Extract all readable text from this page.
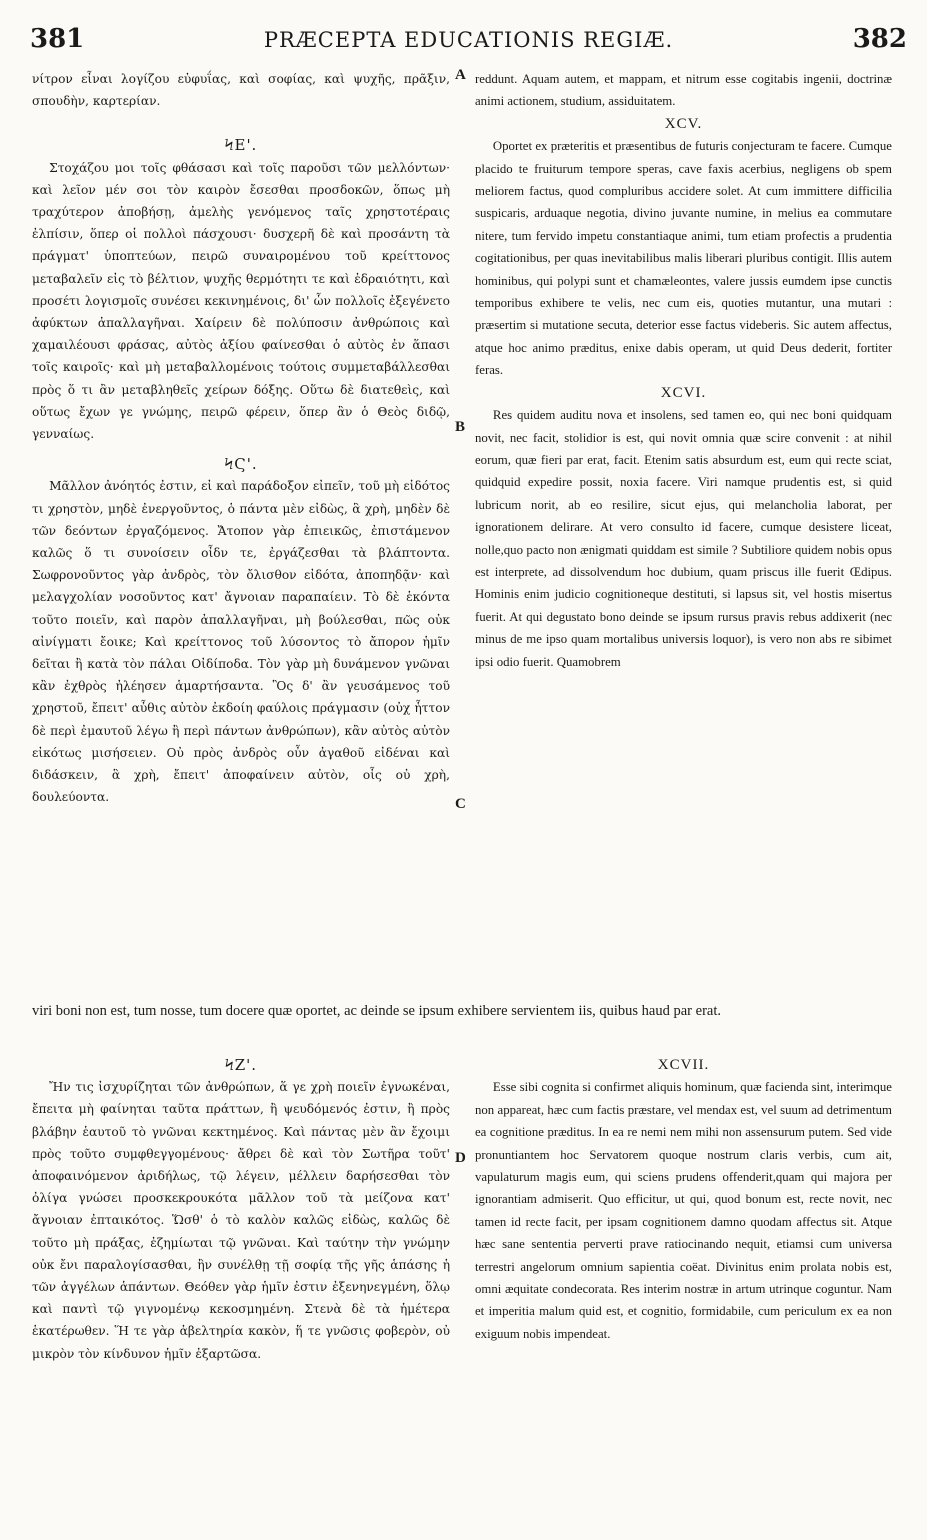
381	PRÆCEPTA EDUCATIONIS REGIÆ.	382
A
B
C
D

νίτρον εἶναι λογίζου εὐφυΐας, καὶ σοφίας, καὶ ψυχῆς, πρᾶξιν, σπουδὴν, καρτερίαν.

ϞΕ'.

Στοχάζου μοι τοῖς φθάσασι καὶ τοῖς παροῦσι τῶν μελλόντων· καὶ λεῖον μέν σοι τὸν καιρὸν ἔσεσθαι προσδοκῶν, ὅπως μὴ τραχύτερον ἀποβήσῃ, ἀμελὴς γενόμενος ταῖς χρηστοτέραις ἐλπίσιν, ὅπερ οἱ πολλοὶ πάσχουσι· δυσχερῆ δὲ καὶ προσάντη τὰ πράγματ' ὑποπτεύων, πειρῶ συναιρομένου τοῦ κρείττονος μεταβαλεῖν εἰς τὸ βέλτιον, ψυχῆς θερμότητι τε καὶ ἑδραιότητι, καὶ προσέτι λογισμοῖς συνέσει κεκινημένοις, δι' ὧν πολλοῖς ἐξεγένετο ἀφύκτων ἀπαλλαγῆναι. Χαίρειν δὲ πολύποσιν ἀνθρώποις καὶ χαμαιλέουσι φράσας, αὐτὸς ἀξίου φαίνεσθαι ὁ αὐτὸς ἐν ἅπασι τοῖς καιροῖς· καὶ μὴ μεταβαλλομένοις τούτοις συμμεταβάλλεσθαι πρὸς ὅ τι ἂν μεταβληθεῖς χείρων δόξης. Οὕτω δὲ διατεθεὶς, καὶ οὕτως ἔχων γε γνώμης, πειρῶ φέρειν, ὅπερ ἂν ὁ Θεὸς διδῷ, γενναίως.

ϞϚ'.

Μᾶλλον ἀνόητός ἐστιν, εἰ καὶ παράδοξον εἰπεῖν, τοῦ μὴ εἰδότος τι χρηστὸν, μηδὲ ἐνεργοῦντος, ὁ πάντα μὲν εἰδὼς, ἃ χρὴ, μηδὲν δὲ τῶν δεόντων ἐργαζόμενος. Ἄτοπον γὰρ ἐπιεικῶς, ἐπιστάμενον καλῶς ὅ τι συνοίσειν οἶδν τε, ἐργάζεσθαι τὰ βλάπτοντα. Σωφρονοῦντος γὰρ ἀνδρὸς, τὸν ὄλισθον εἰδότα, ἀποπηδᾷν· καὶ μελαγχολίαν νοσοῦντος κατ' ἄγνοιαν παραπαίειν. Τὸ δὲ ἑκόντα τοῦτο ποιεῖν, καὶ παρὸν ἀπαλλαγῆναι, μὴ βούλεσθαι, πῶς οὐκ αἰνίγματι ἔοικε; Καὶ κρείττονος τοῦ λύσοντος τὸ ἄπορον ἡμῖν δεῖται ἢ κατὰ τὸν πάλαι Οἰδίποδα. Τὸν γὰρ μὴ δυνάμενον γνῶναι κἂν ἐχθρὸς ἠλέησεν ἁμαρτήσαντα. Ὃς δ' ἂν γευσάμενος τοῦ χρηστοῦ, ἔπειτ' αὖθις αὐτὸν ἐκδοίη φαύλοις πράγμασιν (οὐχ ἧττον δὲ περὶ ἐμαυτοῦ λέγω ἢ περὶ πάντων ἀνθρώπων), κἂν αὐτὸς αὐτὸν εἰκότως μισήσειεν. Οὐ πρὸς ἀνδρὸς οὖν ἀγαθοῦ εἰδέναι καὶ διδάσκειν, ἃ χρὴ, ἔπειτ' ἀποφαίνειν αὐτὸν, οἷς οὐ χρὴ, δουλεύοντα.

reddunt. Aquam autem, et mappam, et nitrum esse cogitabis ingenii, doctrinæ animi actionem, studium, assiduitatem.

XCV.

Oportet ex præteritis et præsentibus de futuris conjecturam te facere. Cumque placido te fruiturum tempore speras, cave faxis acerbius, negligens ob spem meliorem factus, quod compluribus accidere solet. At cum immittere difficilia suspicaris, arduaque negotia, divino juvante numine, in melius ea commutare nitere, tum fervido impetu constantiaque animi, tum etiam profectis a prudentia cogitationibus, per quas inevitabilibus malis liberari pluribus contigit. Illis autem hominibus, qui polypi sunt et chamæleontes, valere jussis eumdem ipse cunctis temporibus exhibere te velis, nec cum eis, quoties mutantur, una mutari : præsertim si mutatione secuta, deterior esse factus videberis. Sic autem affectus, atque hoc animo præditus, enixe dabis operam, ut quid Deus dederit, fortiter feras.

XCVI.

Res quidem auditu nova et insolens, sed tamen eo, qui nec boni quidquam novit, nec facit, stolidior is est, qui novit omnia quæ scire convenit : at nihil eorum, quæ fieri par erat, facit. Etenim satis absurdum est, eum qui recte sciat, quidquid expedire possit, noxia facere. Viri namque prudentis est, si quid lubricum norit, ab eo resilire, sicut ejus, qui melancholia laborat, per ignorationem delirare. At vero consulto id facere, cumque desistere liceat, nolle,quo pacto non ænigmati quiddam est simile ? Subtiliore quidem nobis opus est interprete, ad dissolvendum hoc dubium, quam priscus ille fuerit Œdipus. Hominis enim judicio cognitioneque destituti, si lapsus sit, vel hostis misertus fuerit. At qui degustato bono deinde se ipsum rursus pravis rebus addixerit (nec minus de me ipso quam mortalibus universis loquor), is vero non abs re sibimet ipsi odio fuerit. Quamobrem

viri boni non est, tum nosse, tum docere quæ oportet, ac deinde se ipsum exhibere servientem iis, quibus haud par erat.
ϞΖ'.

Ἤν τις ἰσχυρίζηται τῶν ἀνθρώπων, ἅ γε χρὴ ποιεῖν ἐγνωκέναι, ἔπειτα μὴ φαίνηται ταῦτα πράττων, ἢ ψευδόμενός ἐστιν, ἢ πρὸς βλάβην ἑαυτοῦ τὸ γνῶναι κεκτημένος. Καὶ πάντας μὲν ἂν ἔχοιμι πρὸς τοῦτο συμφθεγγομένους· ἄθρει δὲ καὶ τὸν Σωτῆρα τοῦτ' ἀποφαινόμενον ἀριδήλως, τῷ λέγειν, μέλλειν δαρήσεσθαι τὸν ὀλίγα γνώσει προσκεκρουκότα μᾶλλον τοῦ τὰ μείζονα κατ' ἄγνοιαν ἐπταικότος. Ὥσθ' ὁ τὸ καλὸν καλῶς εἰδὼς, καλῶς δὲ τοῦτο μὴ πράξας, ἐζημίωται τῷ γνῶναι. Καὶ ταύτην τὴν γνώμην οὐκ ἔνι παραλογίσασθαι, ἣν συνέλθῃ τῇ σοφίᾳ τῆς γῆς ἁπάσης ἡ τῶν ἀγγέλων ἁπάντων. Θεόθεν γὰρ ἡμῖν ἐστιν ἐξενηνεγμένη, ὅλῳ καὶ παντὶ τῷ γιγνομένῳ κεκοσμημένη. Στενὰ δὲ τὰ ἡμέτερα ἑκατέρωθεν. Ἥ τε γὰρ ἀβελτηρία κακὸν, ἥ τε γνῶσις φοβερὸν, οὐ μικρὸν τὸν κίνδυνον ἡμῖν ἐξαρτῶσα.

XCVII.

Esse sibi cognita si confirmet aliquis hominum, quæ facienda sint, interimque non appareat, hæc cum factis præstare, vel mendax est, vel suum ad detrimentum ea cognitione præditus. In ea re nemi nem mihi non assensurum putem. Sed vide pronuntiantem hoc Servatorem quoque nostrum claris verbis, cum ait, vapulaturum magis eum, qui sciens prudens offenderit,quam qui majora per ignorantiam admiserit. Quo efficitur, ut qui, quod bonum est, recte novit, nec tamen id recte facit, per ipsam cognitionem damno quodam affectus sit. Atque hæc sane sententia perverti prave ratiocinando nequit, etiamsi cum universa terrestri angelorum omnium sapientia coëat. Divinitus enim prolata nobis est, omni æquitate condecorata. Res interim nostræ in artum utrinque coguntur. Nam et imperitia malum quid est, et cognitio, formidabile, cum periculum ex ea non exiguum nobis impendeat.
